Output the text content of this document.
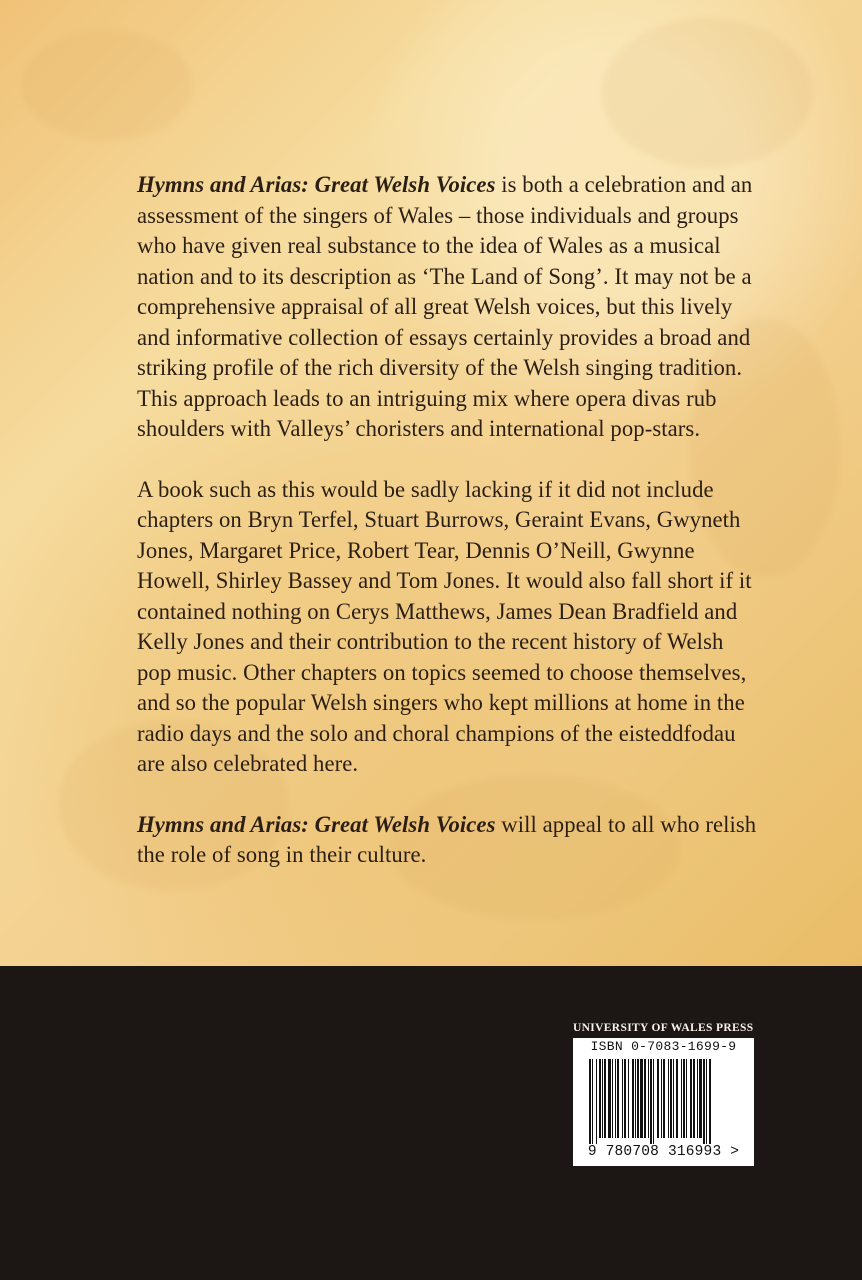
Hymns and Arias: Great Welsh Voices is both a celebration and an assessment of the singers of Wales – those individuals and groups who have given real substance to the idea of Wales as a musical nation and to its description as ‘The Land of Song’. It may not be a comprehensive appraisal of all great Welsh voices, but this lively and informative collection of essays certainly provides a broad and striking profile of the rich diversity of the Welsh singing tradition. This approach leads to an intriguing mix where opera divas rub shoulders with Valleys’ choristers and international pop-stars.

A book such as this would be sadly lacking if it did not include chapters on Bryn Terfel, Stuart Burrows, Geraint Evans, Gwyneth Jones, Margaret Price, Robert Tear, Dennis O’Neill, Gwynne Howell, Shirley Bassey and Tom Jones. It would also fall short if it contained nothing on Cerys Matthews, James Dean Bradfield and Kelly Jones and their contribution to the recent history of Welsh pop music. Other chapters on topics seemed to choose themselves, and so the popular Welsh singers who kept millions at home in the radio days and the solo and choral champions of the eisteddfodau are also celebrated here.

Hymns and Arias: Great Welsh Voices will appeal to all who relish the role of song in their culture.

UNIVERSITY OF WALES PRESS
ISBN 0-7083-1699-9
9 780708 316993 >
